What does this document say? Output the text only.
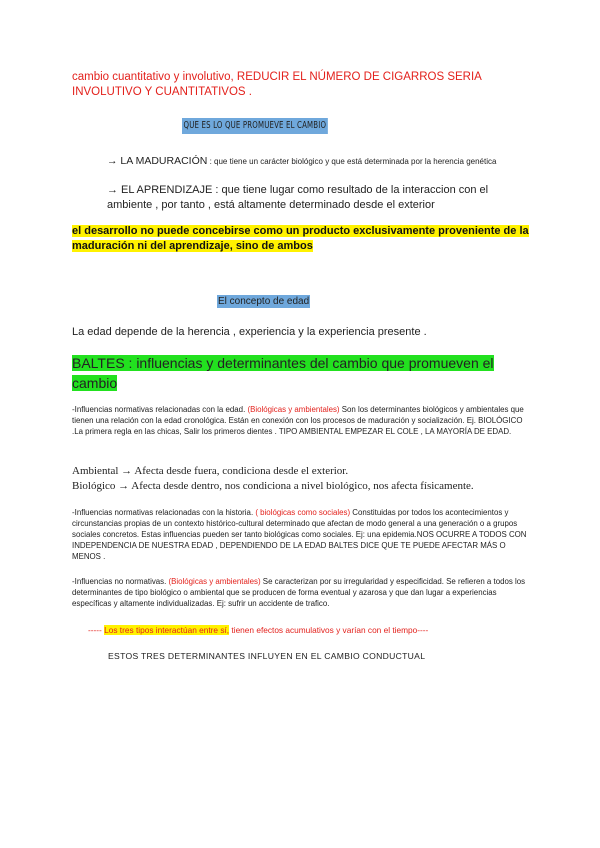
cambio cuantitativo y involutivo, REDUCIR EL NÚMERO DE CIGARROS SERIA INVOLUTIVO Y CUANTITATIVOS .
QUE ES LO QUE PROMUEVE EL CAMBIO
→ LA MADURACIÓN : que tiene un carácter biológico y que está determinada por la herencia genética
→ EL APRENDIZAJE : que tiene lugar como resultado de la interaccion con el ambiente , por tanto , está altamente determinado desde el exterior
el desarrollo no puede concebirse como un producto exclusivamente proveniente de la maduración ni del aprendizaje, sino de ambos
El concepto de edad
La edad depende de la herencia , experiencia y la experiencia presente .
BALTES : influencias y determinantes del cambio que promueven el cambio
-Influencias normativas relacionadas con la edad. (Biológicas y ambientales) Son los determinantes biológicos y ambientales que tienen una relación con la edad cronológica. Están en conexión con los procesos de maduración y socialización. Ej. BIOLÓGICO .La primera regla en las chicas, Salir los primeros dientes . TIPO AMBIENTAL EMPEZAR EL COLE , LA MAYORÍA DE EDAD.
Ambiental → Afecta desde fuera, condiciona desde el exterior.
Biológico → Afecta desde dentro, nos condiciona a nivel biológico, nos afecta físicamente.
-Influencias normativas relacionadas con la historia. ( biológicas como sociales) Constituidas por todos los acontecimientos y circunstancias propias de un contexto histórico-cultural determinado que afectan de modo general a una generación o a grupos sociales concretos. Estas influencias pueden ser tanto biológicas como sociales. Ej: una epidemia.NOS OCURRE A TODOS CON INDEPENDENCIA DE NUESTRA EDAD , DEPENDIENDO DE LA EDAD BALTES DICE QUE TE PUEDE AFECTAR MÁS O MENOS .
-Influencias no normativas. (Biológicas y ambientales) Se caracterizan por su irregularidad y especificidad. Se refieren a todos los determinantes de tipo biológico o ambiental que se producen de forma eventual y azarosa y que dan lugar a experiencias específicas y altamente individualizadas. Ej: sufrir un accidente de trafico.
----- Los tres tipos interactúan entre sí, tienen efectos acumulativos y varían con el tiempo----
ESTOS TRES DETERMINANTES INFLUYEN EN EL CAMBIO CONDUCTUAL
